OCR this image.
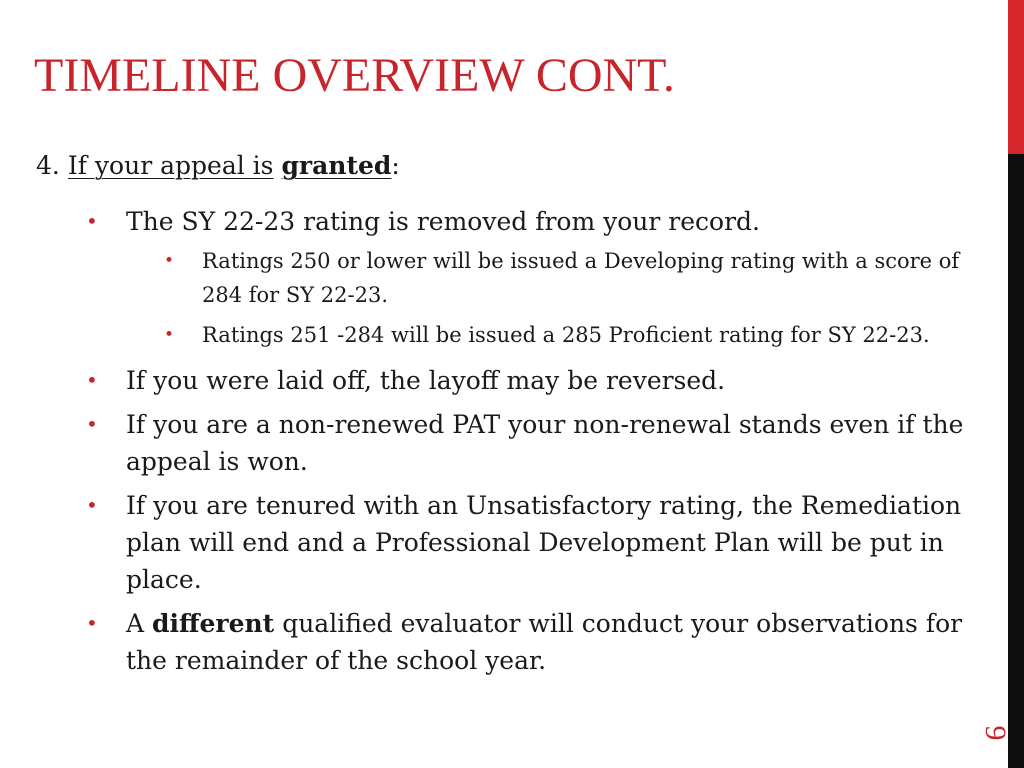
TIMELINE OVERVIEW CONT.
4. If your appeal is granted:
• The SY 22-23 rating is removed from your record.
• Ratings 250 or lower will be issued a Developing rating with a score of 284 for SY 22-23.
• Ratings 251 -284 will be issued a 285 Proficient rating for SY 22-23.
• If you were laid off, the layoff may be reversed.
• If you are a non-renewed PAT your non-renewal stands even if the appeal is won.
• If you are tenured with an Unsatisfactory rating, the Remediation plan will end and a Professional Development Plan will be put in place.
• A different qualified evaluator will conduct your observations for the remainder of the school year.
9
